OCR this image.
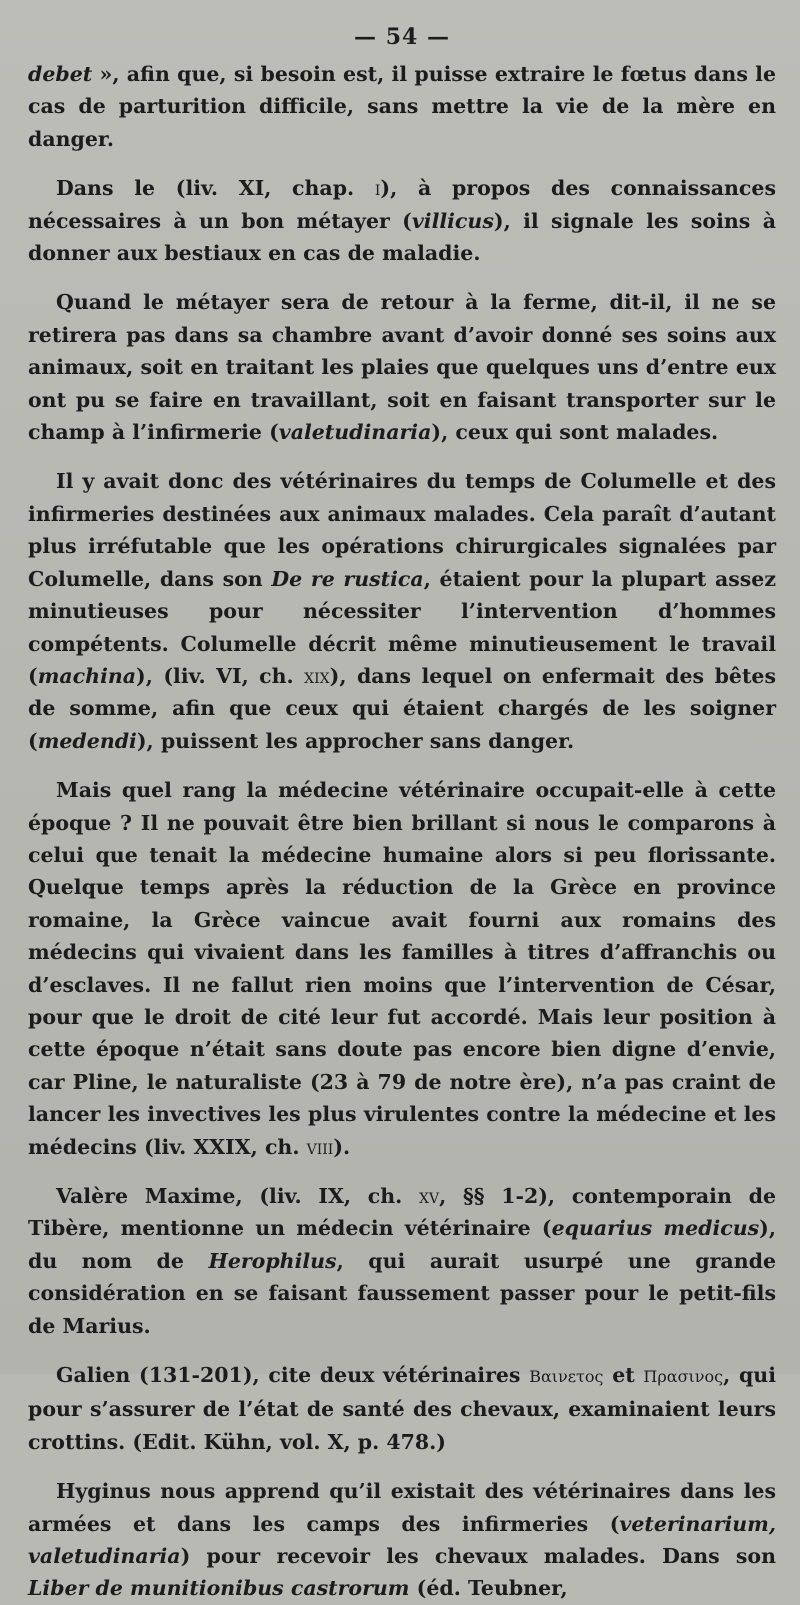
— 54 —

debet », afin que, si besoin est, il puisse extraire le fœtus dans le cas de parturition difficile, sans mettre la vie de la mère en danger.

Dans le (liv. XI, chap. i), à propos des connaissances nécessaires à un bon métayer (villicus), il signale les soins à donner aux bestiaux en cas de maladie.

Quand le métayer sera de retour à la ferme, dit-il, il ne se retirera pas dans sa chambre avant d’avoir donné ses soins aux animaux, soit en traitant les plaies que quelques uns d’entre eux ont pu se faire en travaillant, soit en faisant transporter sur le champ à l’infirmerie (valetudinaria), ceux qui sont malades.

Il y avait donc des vétérinaires du temps de Columelle et des infirmeries destinées aux animaux malades. Cela paraît d’autant plus irréfutable que les opérations chirurgicales signalées par Columelle, dans son De re rustica, étaient pour la plupart assez minutieuses pour nécessiter l’intervention d’hommes compétents. Columelle décrit même minutieusement le travail (machina), (liv. VI, ch. xix), dans lequel on enfermait des bêtes de somme, afin que ceux qui étaient chargés de les soigner (medendi), puissent les approcher sans danger.

Mais quel rang la médecine vétérinaire occupait-elle à cette époque ? Il ne pouvait être bien brillant si nous le comparons à celui que tenait la médecine humaine alors si peu florissante. Quelque temps après la réduction de la Grèce en province romaine, la Grèce vaincue avait fourni aux romains des médecins qui vivaient dans les familles à titres d’affranchis ou d’esclaves. Il ne fallut rien moins que l’intervention de César, pour que le droit de cité leur fut accordé. Mais leur position à cette époque n’était sans doute pas encore bien digne d’envie, car Pline, le naturaliste (23 à 79 de notre ère), n’a pas craint de lancer les invectives les plus virulentes contre la médecine et les médecins (liv. XXIX, ch. viii).

Valère Maxime, (liv. IX, ch. xv, §§ 1-2), contemporain de Tibère, mentionne un médecin vétérinaire (equarius medicus), du nom de Herophilus, qui aurait usurpé une grande considération en se faisant faussement passer pour le petit-fils de Marius.

Galien (131-201), cite deux vétérinaires Βαινετος et Πρασινος, qui pour s’assurer de l’état de santé des chevaux, examinaient leurs crottins. (Edit. Kühn, vol. X, p. 478.)

Hyginus nous apprend qu’il existait des vétérinaires dans les armées et dans les camps des infirmeries (veterinarium, valetudinaria) pour recevoir les chevaux malades. Dans son Liber de munitionibus castrorum (éd. Teubner,
